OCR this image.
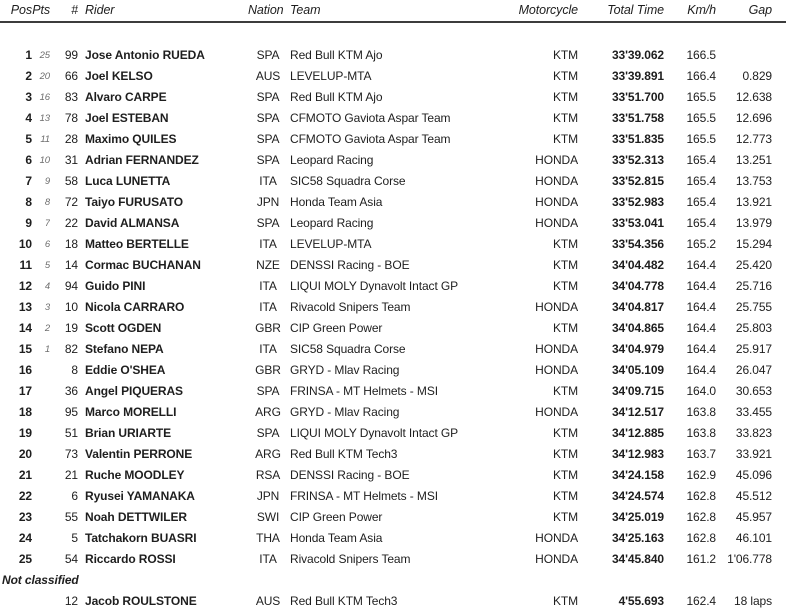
Pos	Pts	#	Rider	Nation	Team	Motorcycle	Total Time	Km/h	Gap

1	25	99	Jose Antonio RUEDA	SPA	Red Bull KTM Ajo	KTM	33'39.062	166.5	
2	20	66	Joel KELSO	AUS	LEVELUP-MTA	KTM	33'39.891	166.4	0.829
3	16	83	Alvaro CARPE	SPA	Red Bull KTM Ajo	KTM	33'51.700	165.5	12.638
4	13	78	Joel ESTEBAN	SPA	CFMOTO Gaviota Aspar Team	KTM	33'51.758	165.5	12.696
5	11	28	Maximo QUILES	SPA	CFMOTO Gaviota Aspar Team	KTM	33'51.835	165.5	12.773
6	10	31	Adrian FERNANDEZ	SPA	Leopard Racing	HONDA	33'52.313	165.4	13.251
7	9	58	Luca LUNETTA	ITA	SIC58 Squadra Corse	HONDA	33'52.815	165.4	13.753
8	8	72	Taiyo FURUSATO	JPN	Honda Team Asia	HONDA	33'52.983	165.4	13.921
9	7	22	David ALMANSA	SPA	Leopard Racing	HONDA	33'53.041	165.4	13.979
10	6	18	Matteo BERTELLE	ITA	LEVELUP-MTA	KTM	33'54.356	165.2	15.294
11	5	14	Cormac BUCHANAN	NZE	DENSSI Racing - BOE	KTM	34'04.482	164.4	25.420
12	4	94	Guido PINI	ITA	LIQUI MOLY Dynavolt Intact GP	KTM	34'04.778	164.4	25.716
13	3	10	Nicola CARRARO	ITA	Rivacold Snipers Team	HONDA	34'04.817	164.4	25.755
14	2	19	Scott OGDEN	GBR	CIP Green Power	KTM	34'04.865	164.4	25.803
15	1	82	Stefano NEPA	ITA	SIC58 Squadra Corse	HONDA	34'04.979	164.4	25.917
16		8	Eddie O'SHEA	GBR	GRYD - Mlav Racing	HONDA	34'05.109	164.4	26.047
17		36	Angel PIQUERAS	SPA	FRINSA - MT Helmets - MSI	KTM	34'09.715	164.0	30.653
18		95	Marco MORELLI	ARG	GRYD - Mlav Racing	HONDA	34'12.517	163.8	33.455
19		51	Brian URIARTE	SPA	LIQUI MOLY Dynavolt Intact GP	KTM	34'12.885	163.8	33.823
20		73	Valentin PERRONE	ARG	Red Bull KTM Tech3	KTM	34'12.983	163.7	33.921
21		21	Ruche MOODLEY	RSA	DENSSI Racing - BOE	KTM	34'24.158	162.9	45.096
22		6	Ryusei YAMANAKA	JPN	FRINSA - MT Helmets - MSI	KTM	34'24.574	162.8	45.512
23		55	Noah DETTWILER	SWI	CIP Green Power	KTM	34'25.019	162.8	45.957
24		5	Tatchakorn BUASRI	THA	Honda Team Asia	HONDA	34'25.163	162.8	46.101
25		54	Riccardo ROSSI	ITA	Rivacold Snipers Team	HONDA	34'45.840	161.2	1'06.778
Not classified									
		12	Jacob ROULSTONE	AUS	Red Bull KTM Tech3	KTM	4'55.693	162.4	18 laps
